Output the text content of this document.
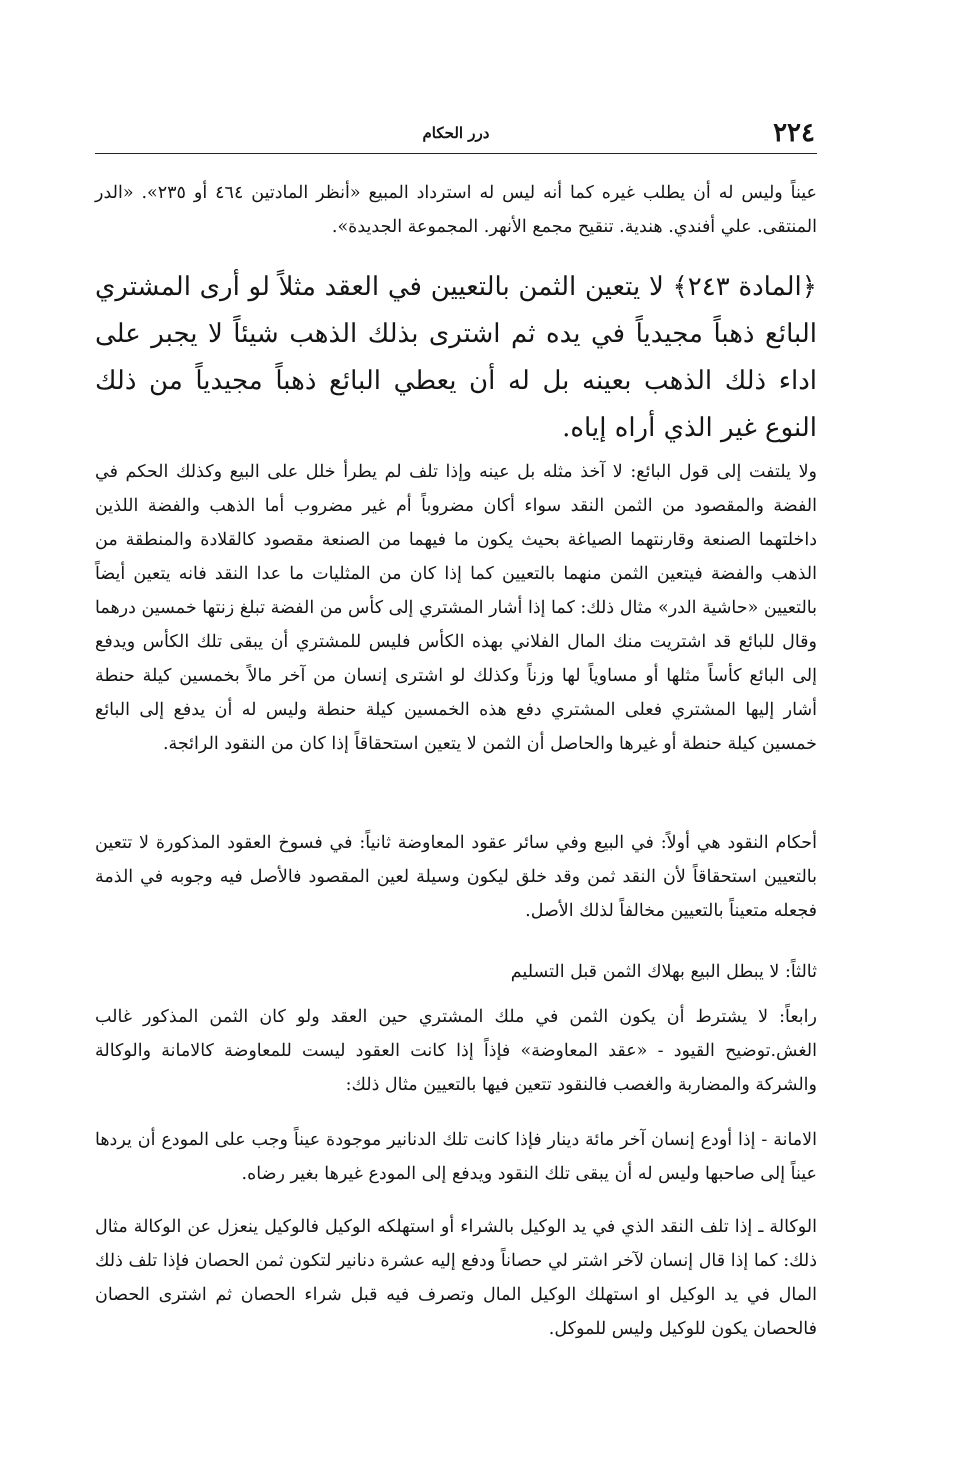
٢٢٤
درر الحكام

عيناً وليس له أن يطلب غيره كما أنه ليس له استرداد المبيع «أنظر المادتين ٤٦٤ أو ٢٣٥». «الدر المنتقى. علي أفندي. هندية. تنقيح مجمع الأنهر. المجموعة الجديدة».

﴿المادة ٢٤٣﴾ لا يتعين الثمن بالتعيين في العقد مثلاً لو أرى المشتري البائع ذهباً مجيدياً في يده ثم اشترى بذلك الذهب شيئاً لا يجبر على اداء ذلك الذهب بعينه بل له أن يعطي البائع ذهباً مجيدياً من ذلك النوع غير الذي أراه إياه.

ولا يلتفت إلى قول البائع: لا آخذ مثله بل عينه وإذا تلف لم يطرأ خلل على البيع وكذلك الحكم في الفضة والمقصود من الثمن النقد سواء أكان مضروباً أم غير مضروب أما الذهب والفضة اللذين داخلتهما الصنعة وقارنتهما الصياغة بحيث يكون ما فيهما من الصنعة مقصود كالقلادة والمنطقة من الذهب والفضة فيتعين الثمن منهما بالتعيين كما إذا كان من المثليات ما عدا النقد فانه يتعين أيضاً بالتعيين «حاشية الدر» مثال ذلك: كما إذا أشار المشتري إلى كأس من الفضة تبلغ زنتها خمسين درهما وقال للبائع قد اشتريت منك المال الفلاني بهذه الكأس فليس للمشتري أن يبقى تلك الكأس ويدفع إلى البائع كأساً مثلها أو مساوياً لها وزناً وكذلك لو اشترى إنسان من آخر مالاً بخمسين كيلة حنطة أشار إليها المشتري فعلى المشتري دفع هذه الخمسين كيلة حنطة وليس له أن يدفع إلى البائع خمسين كيلة حنطة أو غيرها والحاصل أن الثمن لا يتعين استحقاقاً إذا كان من النقود الرائجة.

أحكام النقود هي أولاً: في البيع وفي سائر عقود المعاوضة ثانياً: في فسوخ العقود المذكورة لا تتعين بالتعيين استحقاقاً لأن النقد ثمن وقد خلق ليكون وسيلة لعين المقصود فالأصل فيه وجوبه في الذمة فجعله متعيناً بالتعيين مخالفاً لذلك الأصل.

ثالثاً: لا يبطل البيع بهلاك الثمن قبل التسليم

رابعاً: لا يشترط أن يكون الثمن في ملك المشتري حين العقد ولو كان الثمن المذكور غالب الغش.توضيح القيود - «عقد المعاوضة» فإذاً إذا كانت العقود ليست للمعاوضة كالامانة والوكالة والشركة والمضاربة والغصب فالنقود تتعين فيها بالتعيين مثال ذلك:

الامانة - إذا أودع إنسان آخر مائة دينار فإذا كانت تلك الدنانير موجودة عيناً وجب على المودع أن يردها عيناً إلى صاحبها وليس له أن يبقى تلك النقود ويدفع إلى المودع غيرها بغير رضاه.

الوكالة ـ إذا تلف النقد الذي في يد الوكيل بالشراء أو استهلكه الوكيل فالوكيل ينعزل عن الوكالة مثال ذلك: كما إذا قال إنسان لآخر اشتر لي حصاناً ودفع إليه عشرة دنانير لتكون ثمن الحصان فإذا تلف ذلك المال في يد الوكيل او استهلك الوكيل المال وتصرف فيه قبل شراء الحصان ثم اشترى الحصان فالحصان يكون للوكيل وليس للموكل.
